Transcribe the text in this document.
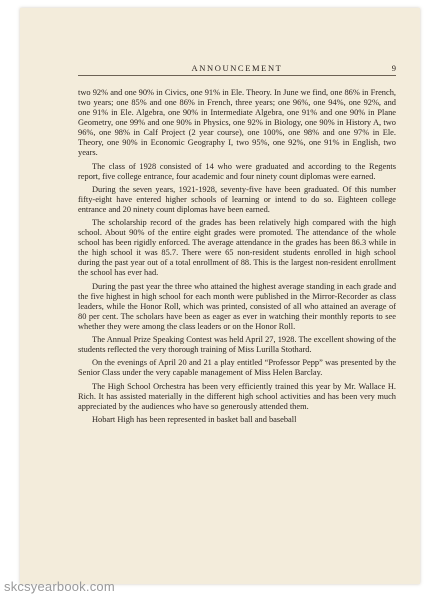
ANNOUNCEMENT	9

two 92% and one 90% in Civics, one 91% in Ele. Theory. In June we find, one 86% in French, two years; one 85% and one 86% in French, three years; one 96%, one 94%, one 92%, and one 91% in Ele. Algebra, one 90% in Intermediate Algebra, one 91% and one 90% in Plane Geometry, one 99% and one 90% in Physics, one 92% in Biology, one 90% in History A, two 96%, one 98% in Calf Project (2 year course), one 100%, one 98% and one 97% in Ele. Theory, one 90% in Economic Geography I, two 95%, one 92%, one 91% in English, two years.

The class of 1928 consisted of 14 who were graduated and according to the Regents report, five college entrance, four academic and four ninety count diplomas were earned.

During the seven years, 1921-1928, seventy-five have been graduated. Of this number fifty-eight have entered higher schools of learning or intend to do so. Eighteen college entrance and 20 ninety count diplomas have been earned.

The scholarship record of the grades has been relatively high compared with the high school. About 90% of the entire eight grades were promoted. The attendance of the whole school has been rigidly enforced. The average attendance in the grades has been 86.3 while in the high school it was 85.7. There were 65 non-resident students enrolled in high school during the past year out of a total enrollment of 88. This is the largest non-resident enrollment the school has ever had.

During the past year the three who attained the highest average standing in each grade and the five highest in high school for each month were published in the Mirror-Recorder as class leaders, while the Honor Roll, which was printed, consisted of all who attained an average of 80 per cent. The scholars have been as eager as ever in watching their monthly reports to see whether they were among the class leaders or on the Honor Roll.

The Annual Prize Speaking Contest was held April 27, 1928. The excellent showing of the students reflected the very thorough training of Miss Lurilla Stothard.

On the evenings of April 20 and 21 a play entitled “Professor Pepp” was presented by the Senior Class under the very capable management of Miss Helen Barclay.

The High School Orchestra has been very efficiently trained this year by Mr. Wallace H. Rich. It has assisted materially in the different high school activities and has been very much appreciated by the audiences who have so generously attended them.

Hobart High has been represented in basket ball and baseball

skcsyearbook.com
